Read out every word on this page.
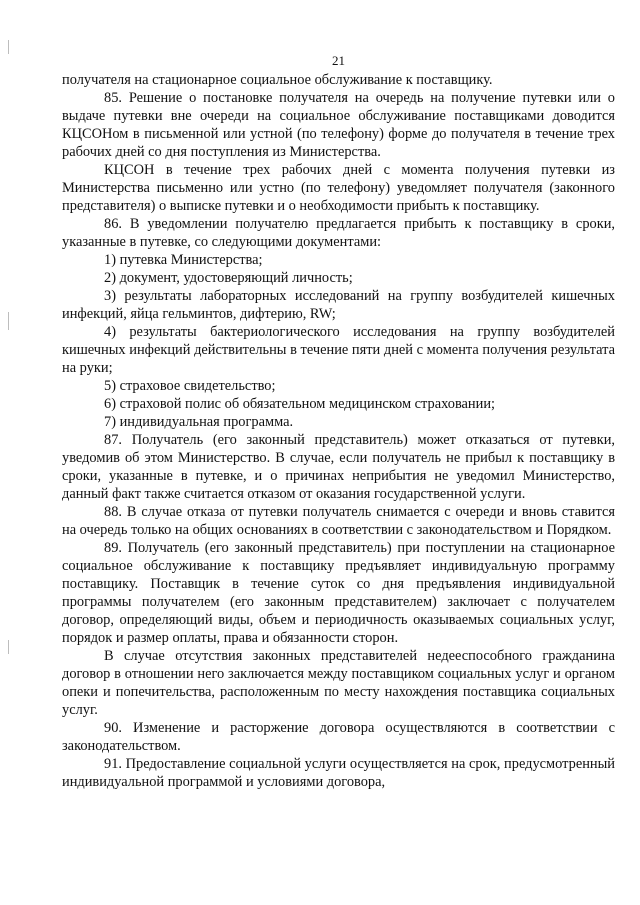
21

получателя на стационарное социальное обслуживание к поставщику.

85. Решение о постановке получателя на очередь на получение путевки или о выдаче путевки вне очереди на социальное обслуживание поставщиками доводится КЦСОНом в письменной или устной (по телефону) форме до получателя в течение трех рабочих дней со дня поступления из Министерства.

КЦСОН в течение трех рабочих дней с момента получения путевки из Министерства письменно или устно (по телефону) уведомляет получателя (законного представителя) о выписке путевки и о необходимости прибыть к поставщику.

86. В уведомлении получателю предлагается прибыть к поставщику в сроки, указанные в путевке, со следующими документами:

1) путевка Министерства;

2) документ, удостоверяющий личность;

3) результаты лабораторных исследований на группу возбудителей кишечных инфекций, яйца гельминтов, дифтерию, RW;

4) результаты бактериологического исследования на группу возбудителей кишечных инфекций действительны в течение пяти дней с момента получения результата на руки;

5) страховое свидетельство;

6) страховой полис об обязательном медицинском страховании;

7) индивидуальная программа.

87. Получатель (его законный представитель) может отказаться от путевки, уведомив об этом Министерство. В случае, если получатель не прибыл к поставщику в сроки, указанные в путевке, и о причинах неприбытия не уведомил Министерство, данный факт также считается отказом от оказания государственной услуги.

88. В случае отказа от путевки получатель снимается с очереди и вновь ставится на очередь только на общих основаниях в соответствии с законодательством и Порядком.

89. Получатель (его законный представитель) при поступлении на стационарное социальное обслуживание к поставщику предъявляет индивидуальную программу поставщику. Поставщик в течение суток со дня предъявления индивидуальной программы получателем (его законным представителем) заключает с получателем договор, определяющий виды, объем и периодичность оказываемых социальных услуг, порядок и размер оплаты, права и обязанности сторон.

В случае отсутствия законных представителей недееспособного гражданина договор в отношении него заключается между поставщиком социальных услуг и органом опеки и попечительства, расположенным по месту нахождения поставщика социальных услуг.

90. Изменение и расторжение договора осуществляются в соответствии с законодательством.

91. Предоставление социальной услуги осуществляется на срок, предусмотренный индивидуальной программой и условиями договора,
